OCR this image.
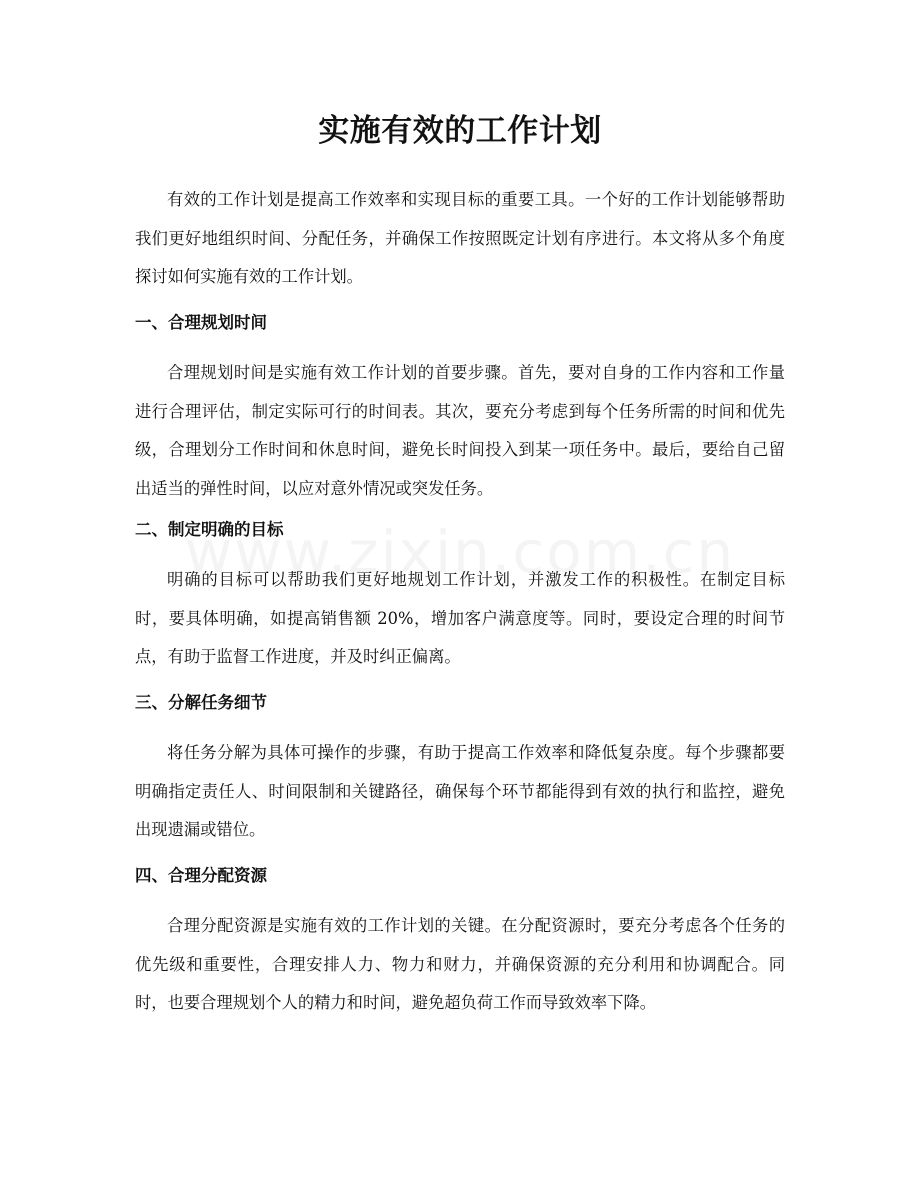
实施有效的工作计划

有效的工作计划是提高工作效率和实现目标的重要工具。一个好的工作计划能够帮助我们更好地组织时间、分配任务，并确保工作按照既定计划有序进行。本文将从多个角度探讨如何实施有效的工作计划。

一、合理规划时间

合理规划时间是实施有效工作计划的首要步骤。首先，要对自身的工作内容和工作量进行合理评估，制定实际可行的时间表。其次，要充分考虑到每个任务所需的时间和优先级，合理划分工作时间和休息时间，避免长时间投入到某一项任务中。最后，要给自己留出适当的弹性时间，以应对意外情况或突发任务。

二、制定明确的目标

明确的目标可以帮助我们更好地规划工作计划，并激发工作的积极性。在制定目标时，要具体明确，如提高销售额 20%，增加客户满意度等。同时，要设定合理的时间节点，有助于监督工作进度，并及时纠正偏离。

三、分解任务细节

将任务分解为具体可操作的步骤，有助于提高工作效率和降低复杂度。每个步骤都要明确指定责任人、时间限制和关键路径，确保每个环节都能得到有效的执行和监控，避免出现遗漏或错位。

四、合理分配资源

合理分配资源是实施有效的工作计划的关键。在分配资源时，要充分考虑各个任务的优先级和重要性，合理安排人力、物力和财力，并确保资源的充分利用和协调配合。同时，也要合理规划个人的精力和时间，避免超负荷工作而导致效率下降。
